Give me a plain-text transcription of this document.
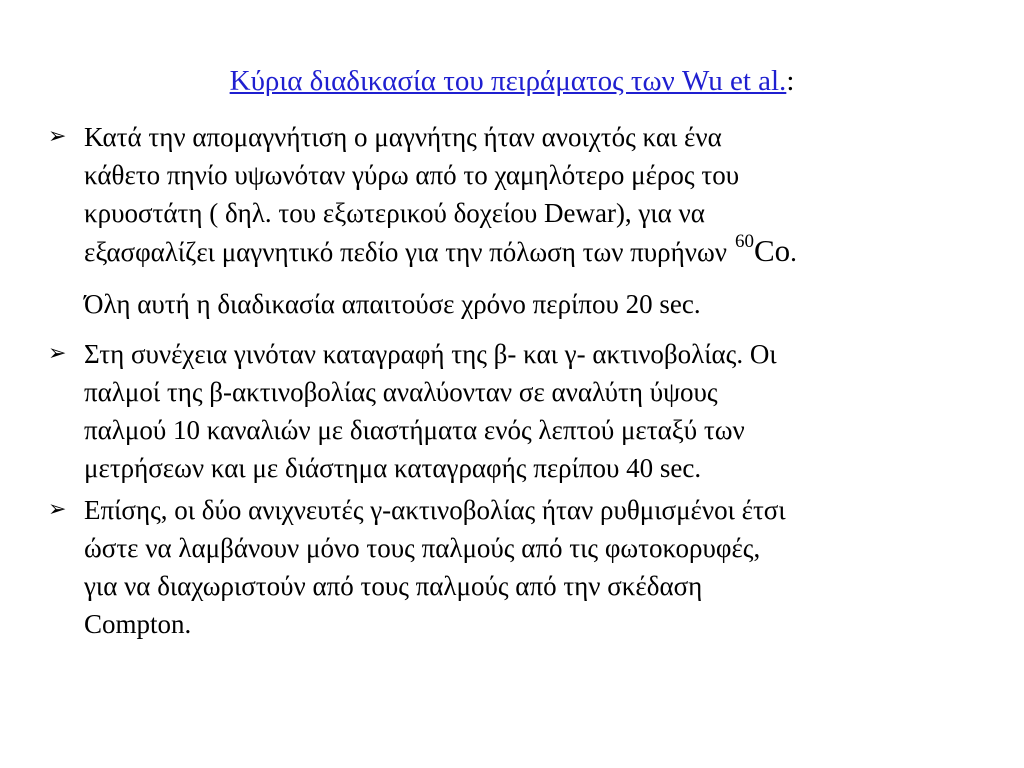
Κύρια διαδικασία του πειράματος των Wu et al.:
➢ Κατά την απομαγνήτιση ο μαγνήτης ήταν ανοιχτός και ένα
κάθετο πηνίο υψωνόταν γύρω από το χαμηλότερο μέρος του
κρυοστάτη ( δηλ. του εξωτερικού δοχείου Dewar), για να
εξασφαλίζει μαγνητικό πεδίο για την πόλωση των πυρήνων $^{60}$Co.
Όλη αυτή η διαδικασία απαιτούσε χρόνο περίπου 20 sec.
➢ Στη συνέχεια γινόταν καταγραφή της β- και γ- ακτινοβολίας. Οι
παλμοί της β-ακτινοβολίας αναλύονταν σε αναλύτη ύψους
παλμού 10 καναλιών με διαστήματα ενός λεπτού μεταξύ των
μετρήσεων και με διάστημα καταγραφής περίπου 40 sec.
➢ Επίσης, οι δύο ανιχνευτές γ-ακτινοβολίας ήταν ρυθμισμένοι έτσι
ώστε να λαμβάνουν μόνο τους παλμούς από τις φωτοκορυφές,
για να διαχωριστούν από τους παλμούς από την σκέδαση
Compton.
